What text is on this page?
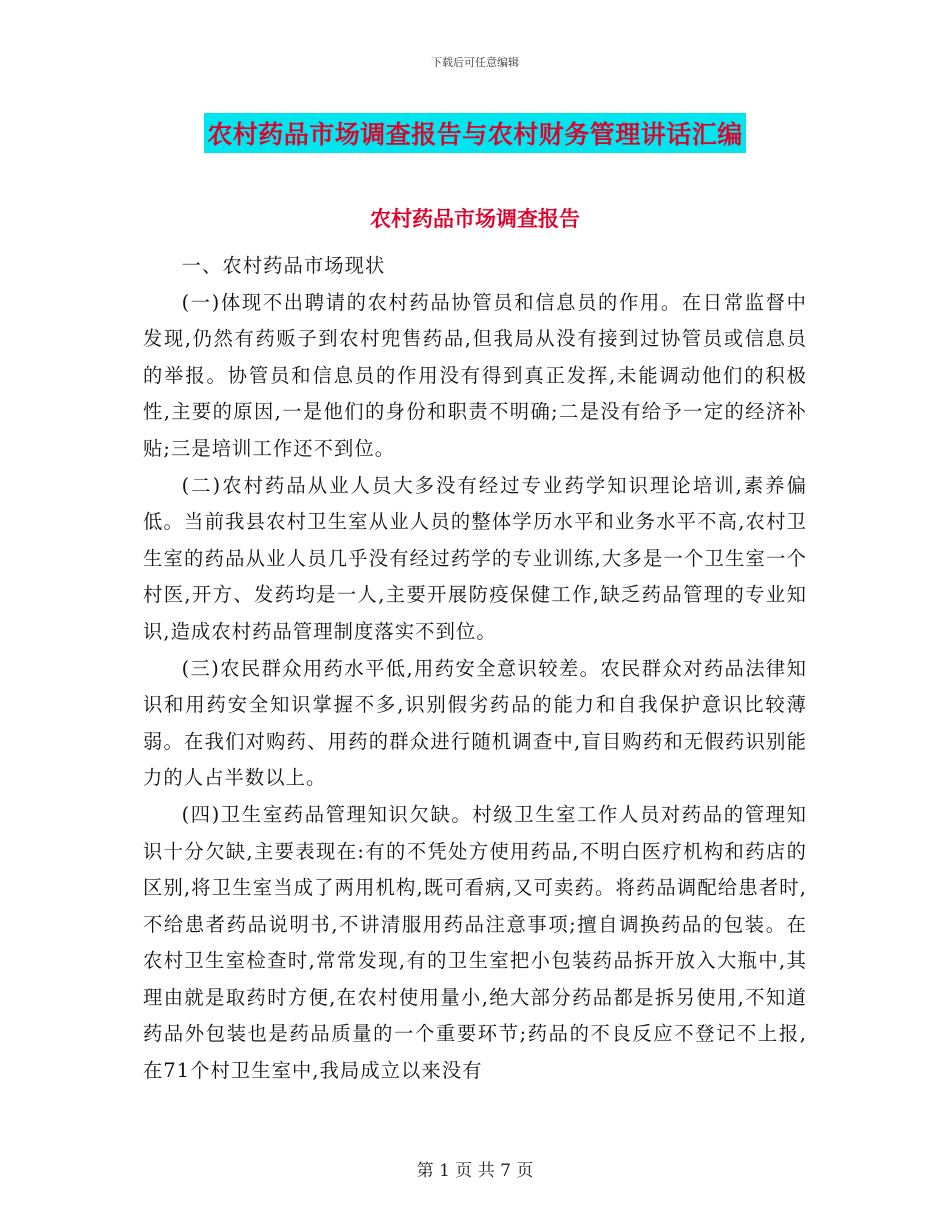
下载后可任意编辑
农村药品市场调查报告与农村财务管理讲话汇编
农村药品市场调查报告

一、农村药品市场现状

(一)体现不出聘请的农村药品协管员和信息员的作用。在日常监督中发现,仍然有药贩子到农村兜售药品,但我局从没有接到过协管员或信息员的举报。协管员和信息员的作用没有得到真正发挥,未能调动他们的积极性,主要的原因,一是他们的身份和职责不明确;二是没有给予一定的经济补贴;三是培训工作还不到位。

(二)农村药品从业人员大多没有经过专业药学知识理论培训,素养偏低。当前我县农村卫生室从业人员的整体学历水平和业务水平不高,农村卫生室的药品从业人员几乎没有经过药学的专业训练,大多是一个卫生室一个村医,开方、发药均是一人,主要开展防疫保健工作,缺乏药品管理的专业知识,造成农村药品管理制度落实不到位。

(三)农民群众用药水平低,用药安全意识较差。农民群众对药品法律知识和用药安全知识掌握不多,识别假劣药品的能力和自我保护意识比较薄弱。在我们对购药、用药的群众进行随机调查中,盲目购药和无假药识别能力的人占半数以上。

(四)卫生室药品管理知识欠缺。村级卫生室工作人员对药品的管理知识十分欠缺,主要表现在:有的不凭处方使用药品,不明白医疗机构和药店的区别,将卫生室当成了两用机构,既可看病,又可卖药。将药品调配给患者时,不给患者药品说明书,不讲清服用药品注意事项;擅自调换药品的包装。在农村卫生室检查时,常常发现,有的卫生室把小包装药品拆开放入大瓶中,其理由就是取药时方便,在农村使用量小,绝大部分药品都是拆另使用,不知道药品外包装也是药品质量的一个重要环节;药品的不良反应不登记不上报,在71个村卫生室中,我局成立以来没有

第 1 页 共 7 页
